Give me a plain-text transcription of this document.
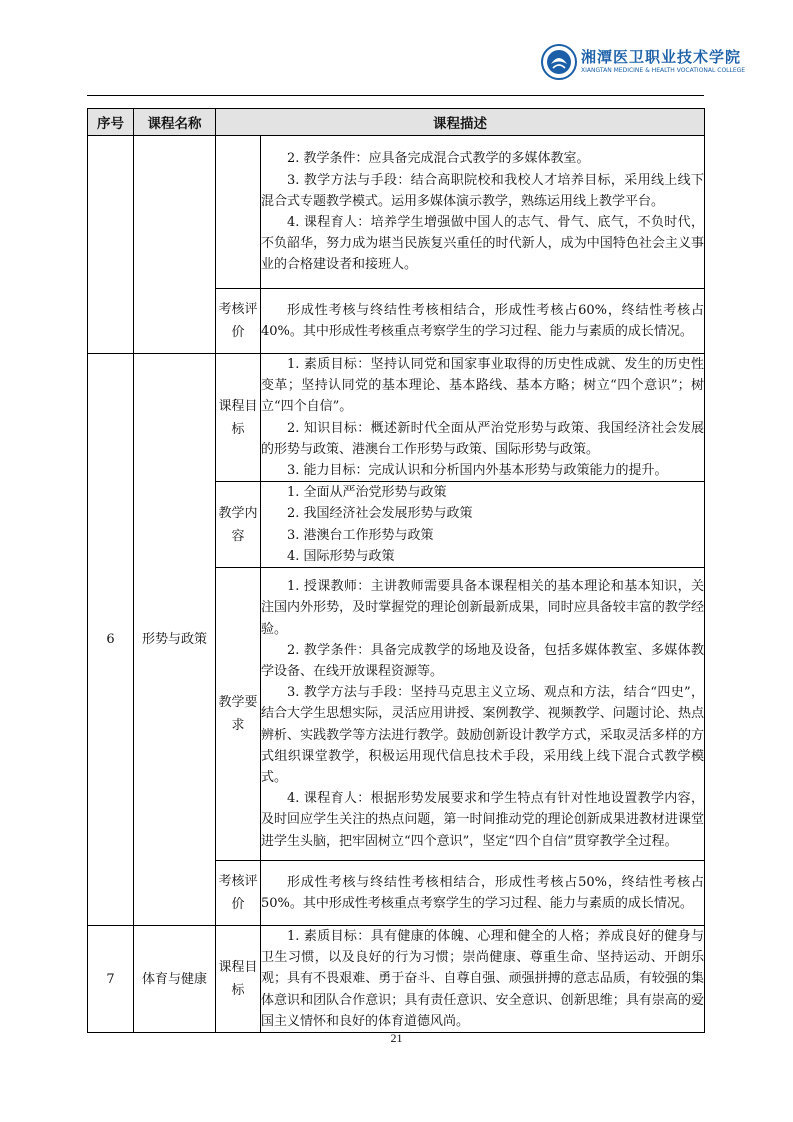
湘潭医卫职业技术学院
XIANGTAN MEDICINE & HEALTH VOCATIONAL COLLEGE
序号	课程名称	课程描述	

			2. 教学条件：应具备完成混合式教学的多媒体教室。

3. 教学方法与手段：结合高职院校和我校人才培养目标，采用线上线下混合式专题教学模式。运用多媒体演示教学，熟练运用线上教学平台。

4. 课程育人：培养学生增强做中国人的志气、骨气、底气，不负时代，不负韶华，努力成为堪当民族复兴重任的时代新人，成为中国特色社会主义事业的合格建设者和接班人。

		考核评价	形成性考核与终结性考核相结合，形成性考核占60%，终结性考核占40%。其中形成性考核重点考察学生的学习过程、能力与素质的成长情况。

6	形势与政策	课程目标	1. 素质目标：坚持认同党和国家事业取得的历史性成就、发生的历史性变革；坚持认同党的基本理论、基本路线、基本方略；树立“四个意识”；树立“四个自信”。

2. 知识目标：概述新时代全面从严治党形势与政策、我国经济社会发展的形势与政策、港澳台工作形势与政策、国际形势与政策。

3. 能力目标：完成认识和分析国内外基本形势与政策能力的提升。

		教学内容	1. 全面从严治党形势与政策

2. 我国经济社会发展形势与政策

3. 港澳台工作形势与政策

4. 国际形势与政策

		教学要求	1. 授课教师：主讲教师需要具备本课程相关的基本理论和基本知识，关注国内外形势，及时掌握党的理论创新最新成果，同时应具备较丰富的教学经验。

2. 教学条件：具备完成教学的场地及设备，包括多媒体教室、多媒体教学设备、在线开放课程资源等。

3. 教学方法与手段：坚持马克思主义立场、观点和方法，结合“四史”，结合大学生思想实际，灵活应用讲授、案例教学、视频教学、问题讨论、热点辨析、实践教学等方法进行教学。鼓励创新设计教学方式，采取灵活多样的方式组织课堂教学，积极运用现代信息技术手段，采用线上线下混合式教学模式。

4. 课程育人：根据形势发展要求和学生特点有针对性地设置教学内容，及时回应学生关注的热点问题，第一时间推动党的理论创新成果进教材进课堂进学生头脑，把牢固树立“四个意识”，坚定“四个自信”贯穿教学全过程。

		考核评价	形成性考核与终结性考核相结合，形成性考核占50%，终结性考核占50%。其中形成性考核重点考察学生的学习过程、能力与素质的成长情况。

7	体育与健康	课程目标	1. 素质目标：具有健康的体魄、心理和健全的人格；养成良好的健身与卫生习惯，以及良好的行为习惯；崇尚健康、尊重生命、坚持运动、开朗乐观；具有不畏艰难、勇于奋斗、自尊自强、顽强拼搏的意志品质，有较强的集体意识和团队合作意识；具有责任意识、安全意识、创新思维；具有崇高的爱国主义情怀和良好的体育道德风尚。

21
